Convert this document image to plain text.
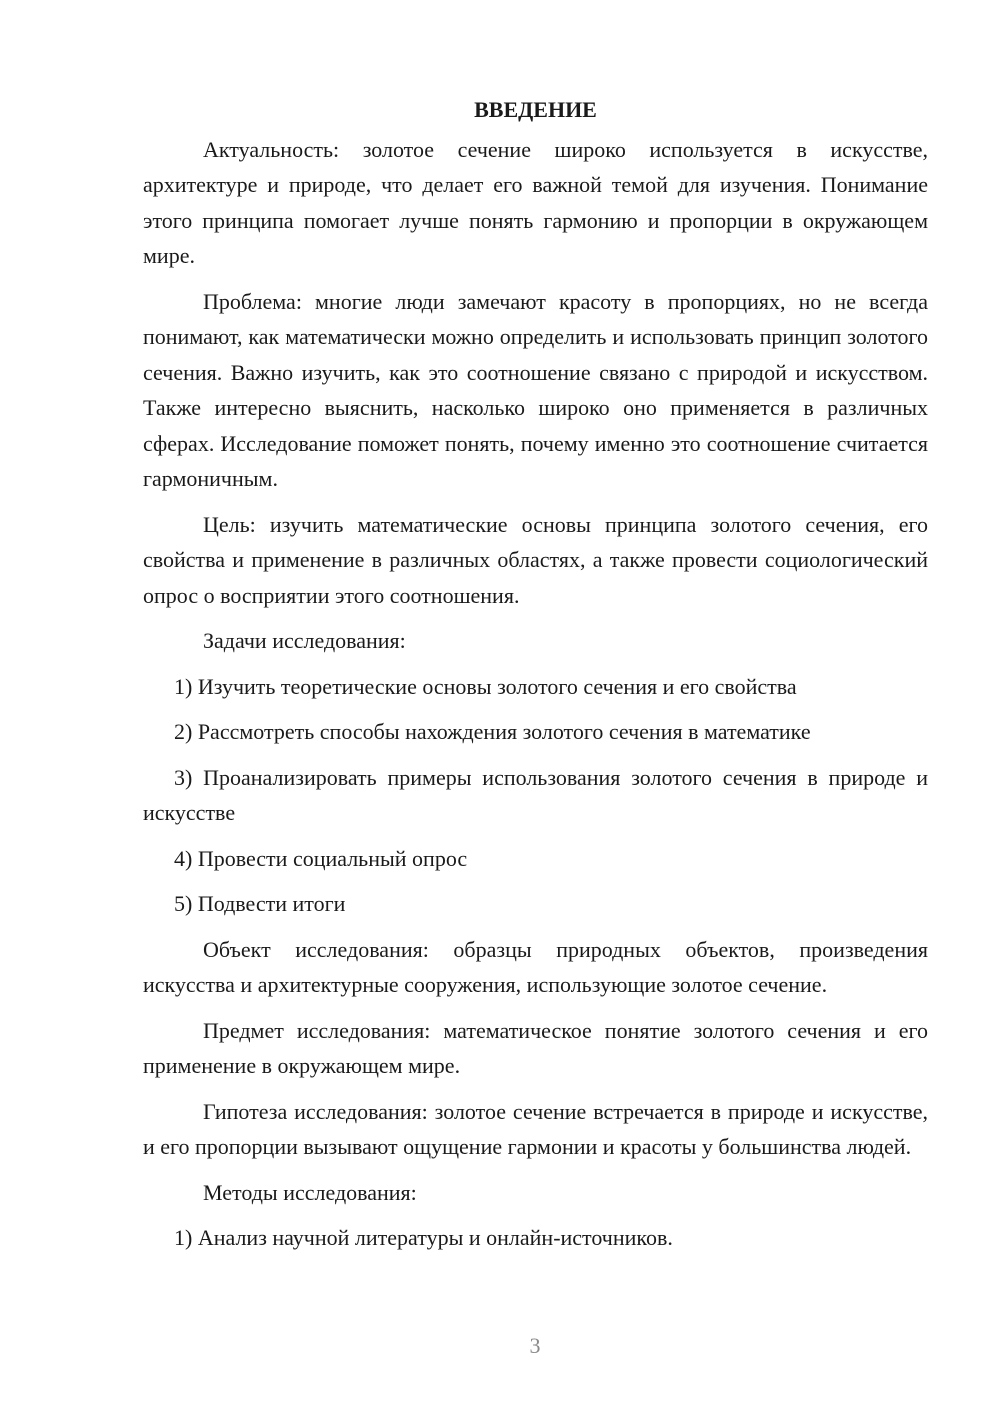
ВВЕДЕНИЕ

Актуальность: золотое сечение широко используется в искусстве, архитектуре и природе, что делает его важной темой для изучения. Понимание этого принципа помогает лучше понять гармонию и пропорции в окружающем мире.

Проблема: многие люди замечают красоту в пропорциях, но не всегда понимают, как математически можно определить и использовать принцип золотого сечения. Важно изучить, как это соотношение связано с природой и искусством. Также интересно выяснить, насколько широко оно применяется в различных сферах. Исследование поможет понять, почему именно это соотношение считается гармоничным.

Цель: изучить математические основы принципа золотого сечения, его свойства и применение в различных областях, а также провести социологический опрос о восприятии этого соотношения.

Задачи исследования:

1) Изучить теоретические основы золотого сечения и его свойства

2) Рассмотреть способы нахождения золотого сечения в математике

3) Проанализировать примеры использования золотого сечения в природе и искусстве

4) Провести социальный опрос

5) Подвести итоги

Объект исследования: образцы природных объектов, произведения искусства и архитектурные сооружения, использующие золотое сечение.

Предмет исследования: математическое понятие золотого сечения и его применение в окружающем мире.

Гипотеза исследования: золотое сечение встречается в природе и искусстве, и его пропорции вызывают ощущение гармонии и красоты у большинства людей.

Методы исследования:

1) Анализ научной литературы и онлайн-источников.

3
